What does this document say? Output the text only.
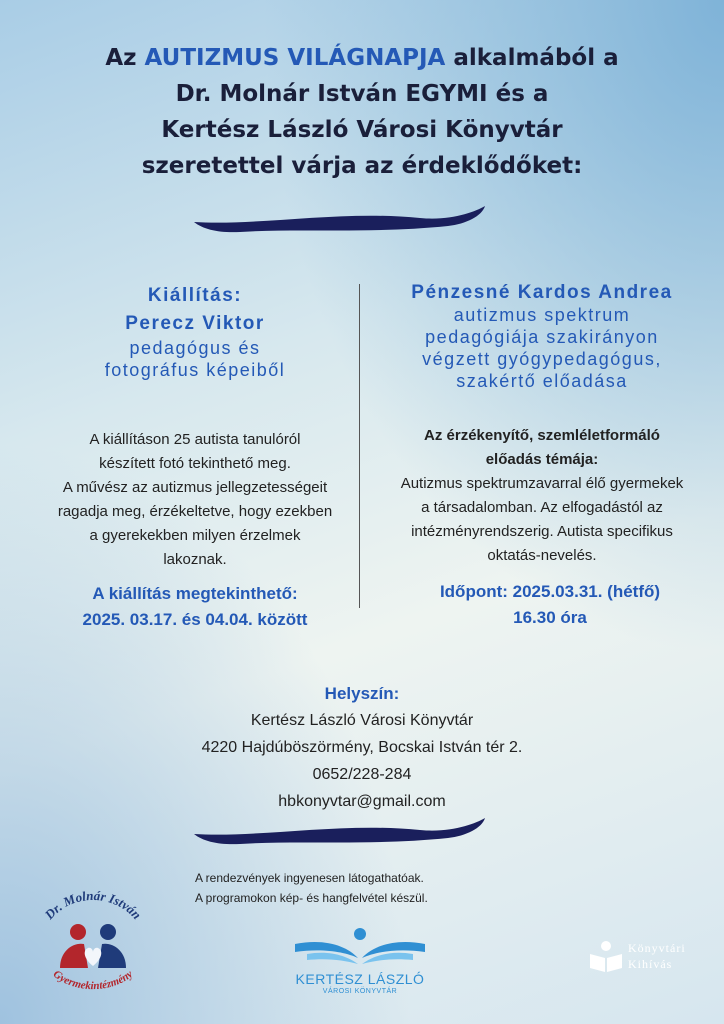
Az AUTIZMUS VILÁGNAPJA alkalmából a
Dr. Molnár István EGYMI és a
Kertész László Városi Könyvtár
szeretettel várja az érdeklődőket:
Kiállítás:
Perecz Viktor
pedagógus és
fotográfus képeiből
Pénzesné Kardos Andrea
autizmus spektrum
pedagógiája szakirányon
végzett gyógypedagógus,
szakértő előadása
A kiállításon 25 autista tanulóról
készített fotó tekinthető meg.
A művész az autizmus jellegzetességeit
ragadja meg, érzékeltetve, hogy ezekben
a gyerekekben milyen érzelmek
lakoznak.
Az érzékenyítő, szemléletformáló
előadás témája:
Autizmus spektrumzavarral élő gyermekek
a társadalomban. Az elfogadástól az
intézményrendszerig. Autista specifikus
oktatás-nevelés.
A kiállítás megtekinthető:
2025. 03.17. és 04.04. között
Időpont: 2025.03.31. (hétfő)
16.30 óra
Helyszín:
Kertész László Városi Könyvtár
4220 Hajdúböszörmény, Bocskai István tér 2.
0652/228-284
hbkonyvtar@gmail.com
A rendezvények ingyenesen látogathatóak.
A programokon kép- és hangfelvétel készül.
Dr. Molnár István
Gyermekintézmény	KERTÉSZ LÁSZLÓ
VÁROSI KÖNYVTÁR
Könyvtári
Kihívás
